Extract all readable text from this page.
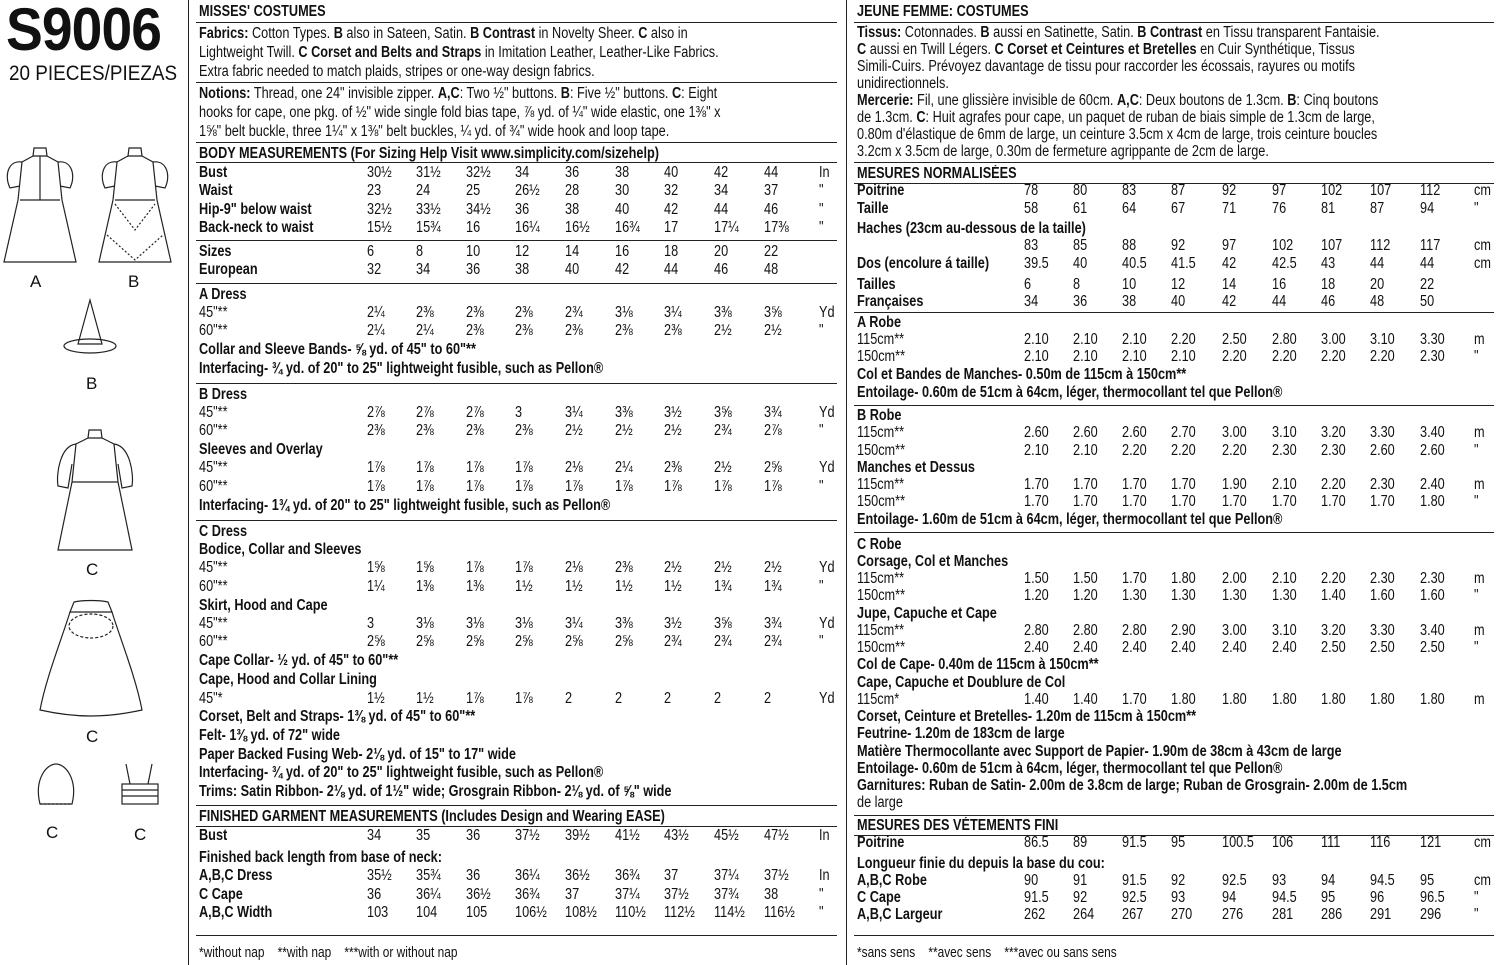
S9006
20 PIECES/PIEZAS
A	B
B
C
C
C	C
MISSES' COSTUMES
Fabrics: Cotton Types. B also in Sateen, Satin. B Contrast in Novelty Sheer. C also in
Lightweight Twill. C Corset and Belts and Straps in Imitation Leather, Leather-Like Fabrics.
Extra fabric needed to match plaids, stripes or one-way design fabrics.
Notions: Thread, one 24" invisible zipper. A,C: Two ½" buttons. B: Five ½" buttons. C: Eight
hooks for cape, one pkg. of ½" wide single fold bias tape, ⅞ yd. of ¼" wide elastic, one 1⅜" x
1⅝" belt buckle, three 1¼" x 1⅜" belt buckles, ¼ yd. of ¾" wide hook and loop tape.
BODY MEASUREMENTS (For Sizing Help Visit www.simplicity.com/sizehelp)
Bust	30½ 31½ 32½ 34 36 38 40 42 44	In
Waist	23 24 25 26½ 28 30 32 34 37	"
Hip-9" below waist	32½ 33½ 34½ 36 38 40 42 44 46	"
Back-neck to waist	15½ 15¾ 16 16¼ 16½ 16¾ 17 17¼ 17⅜ "
Sizes	6	8	10 12 14 16 18 20 22
European	32 34 36 38 40 42 44 46 48
A Dress
45"**	2¼ 2⅜ 2⅜ 2⅜ 2¾ 3⅛ 3¼ 3⅜ 3⅝ Yd
60"**	2¼ 2¼ 2⅜ 2⅜ 2⅜ 2⅜ 2⅜ 2½ 2½ "
Collar and Sleeve Bands- ⅝ yd. of 45" to 60"**
Interfacing- ¾ yd. of 20" to 25" lightweight fusible, such as Pellon®
B Dress
45"**	2⅞ 2⅞ 2⅞ 3	3¼ 3⅜ 3½ 3⅝ 3¾ Yd
60"**	2⅜ 2⅜ 2⅜ 2⅜ 2½ 2½ 2½ 2¾ 2⅞ "
Sleeves and Overlay
45"**	1⅞ 1⅞ 1⅞ 1⅞ 2⅛ 2¼ 2⅜ 2½ 2⅝ Yd
60"**	1⅞ 1⅞ 1⅞ 1⅞ 1⅞ 1⅞ 1⅞ 1⅞ 1⅞ "
Interfacing- 1¾ yd. of 20" to 25" lightweight fusible, such as Pellon®
C Dress
Bodice, Collar and Sleeves
45"**	1⅝ 1⅝ 1⅞ 1⅞ 2⅛ 2⅜ 2½ 2½ 2½ Yd
60"**	1¼ 1⅜ 1⅜ 1½ 1½ 1½ 1½ 1¾ 1¾ "
Skirt, Hood and Cape
45"**	3	3⅛ 3⅛ 3⅛ 3¼ 3⅜ 3½ 3⅝ 3¾ Yd
60"**	2⅝ 2⅝ 2⅝ 2⅝ 2⅝ 2⅝ 2¾ 2¾ 2¾ "
Cape Collar- ½ yd. of 45" to 60"**
Cape, Hood and Collar Lining
45"*	1½ 1½ 1⅞ 1⅞ 2	2	2	2	2	Yd
Corset, Belt and Straps- 1⅜ yd. of 45" to 60"**
Felt- 1⅜ yd. of 72" wide
Paper Backed Fusing Web- 2⅛ yd. of 15" to 17" wide
Interfacing- ¾ yd. of 20" to 25" lightweight fusible, such as Pellon®
Trims: Satin Ribbon- 2⅛ yd. of 1½" wide; Grosgrain Ribbon- 2⅛ yd. of ⅝" wide
FINISHED GARMENT MEASUREMENTS (Includes Design and Wearing EASE)
Bust	34 35 36 37½ 39½ 41½ 43½ 45½ 47½ In
Finished back length from base of neck:
A,B,C Dress	35½ 35¾ 36 36¼ 36½ 36¾ 37 37¼ 37½ In
C Cape	36 36¼ 36½ 36¾ 37 37¼ 37½ 37¾ 38	"
A,B,C Width	103 104 105 106½ 108½ 110½ 112½ 114½ 116½ "
*without nap    **with nap    ***with or without nap
JEUNE FEMME: COSTUMES
Tissus: Cotonnades. B aussi en Satinette, Satin. B Contrast en Tissu transparent Fantaisie.
C aussi en Twill Légers. C Corset et Ceintures et Bretelles en Cuir Synthétique, Tissus
Simili-Cuirs. Prévoyez davantage de tissu pour raccorder les écossais, rayures ou motifs
unidirectionnels.
Mercerie: Fil, une glissière invisible de 60cm. A,C: Deux boutons de 1.3cm. B: Cinq boutons
de 1.3cm. C: Huit agrafes pour cape, un paquet de ruban de biais simple de 1.3cm de large,
0.80m d'élastique de 6mm de large, un ceinture 3.5cm x 4cm de large, trois ceinture boucles
3.2cm x 3.5cm de large, 0.30m de fermeture agrippante de 2cm de large.
MESURES NORMALISÉES
Poitrine	78 80 83 87 92 97 102 107 112 cm
Taille	58 61 64 67 71 76 81 87 94	"
Haches (23cm au-dessous de la taille)
83 85 88 92 97 102 107 112 117 cm
Dos (encolure á taille) 39.5 40 40.5 41.5 42 42.5 43 44 44	cm
Tailles	6	8	10 12 14 16 18 20 22
Françaises	34 36 38 40 42 44 46 48 50
A Robe
115cm**	2.10 2.10 2.10 2.20 2.50 2.80 3.00 3.10 3.30 m
150cm**	2.10 2.10 2.10 2.10 2.20 2.20 2.20 2.20 2.30 "
Col et Bandes de Manches- 0.50m de 115cm à 150cm**
Entoilage- 0.60m de 51cm à 64cm, léger, thermocollant tel que Pellon®
B Robe
115cm**	2.60 2.60 2.60 2.70 3.00 3.10 3.20 3.30 3.40 m
150cm**	2.10 2.10 2.20 2.20 2.20 2.30 2.30 2.60 2.60 "
Manches et Dessus
115cm**	1.70 1.70 1.70 1.70 1.90 2.10 2.20 2.30 2.40 m
150cm**	1.70 1.70 1.70 1.70 1.70 1.70 1.70 1.70 1.80 "
Entoilage- 1.60m de 51cm à 64cm, léger, thermocollant tel que Pellon®
C Robe
Corsage, Col et Manches
115cm**	1.50 1.50 1.70 1.80 2.00 2.10 2.20 2.30 2.30 m
150cm**	1.20 1.20 1.30 1.30 1.30 1.30 1.40 1.60 1.60 "
Jupe, Capuche et Cape
115cm**	2.80 2.80 2.80 2.90 3.00 3.10 3.20 3.30 3.40 m
150cm**	2.40 2.40 2.40 2.40 2.40 2.40 2.50 2.50 2.50 "
Col de Cape- 0.40m de 115cm à 150cm**
Cape, Capuche et Doublure de Col
115cm*	1.40 1.40 1.70 1.80 1.80 1.80 1.80 1.80 1.80 m
Corset, Ceinture et Bretelles- 1.20m de 115cm à 150cm**
Feutrine- 1.20m de 183cm de large
Matière Thermocollante avec Support de Papier- 1.90m de 38cm à 43cm de large
Entoilage- 0.60m de 51cm à 64cm, léger, thermocollant tel que Pellon®
Garnitures: Ruban de Satin- 2.00m de 3.8cm de large; Ruban de Grosgrain- 2.00m de 1.5cm
de large
MESURES DES VÉTEMENTS FINI
Poitrine	86.5 89 91.5 95 100.5 106 111 116 121 cm
Longueur finie du depuis la base du cou:
A,B,C Robe	90 91 91.5 92 92.5 93 94 94.5 95	cm
C Cape	91.5 92 92.5 93 94 94.5 95 96 96.5 "
A,B,C Largeur	262 264 267 270 276 281 286 291 296 "
*sans sens    **avec sens    ***avec ou sans sens
